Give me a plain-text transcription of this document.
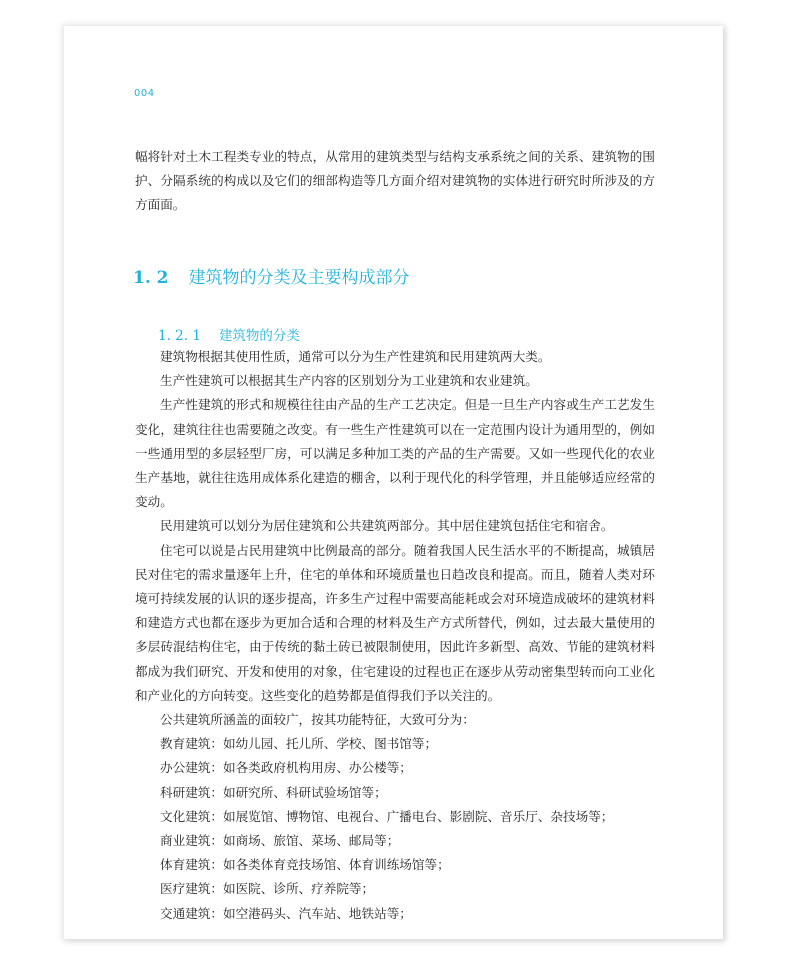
004

幅将针对土木工程类专业的特点，从常用的建筑类型与结构支承系统之间的关系、建筑物的围护、分隔系统的构成以及它们的细部构造等几方面介绍对建筑物的实体进行研究时所涉及的方方面面。

1. 2 建筑物的分类及主要构成部分
1. 2. 1 建筑物的分类

建筑物根据其使用性质，通常可以分为生产性建筑和民用建筑两大类。

生产性建筑可以根据其生产内容的区别划分为工业建筑和农业建筑。

生产性建筑的形式和规模往往由产品的生产工艺决定。但是一旦生产内容或生产工艺发生变化，建筑往往也需要随之改变。有一些生产性建筑可以在一定范围内设计为通用型的，例如一些通用型的多层轻型厂房，可以满足多种加工类的产品的生产需要。又如一些现代化的农业生产基地，就往往选用成体系化建造的棚舍，以利于现代化的科学管理，并且能够适应经常的变动。

民用建筑可以划分为居住建筑和公共建筑两部分。其中居住建筑包括住宅和宿舍。

住宅可以说是占民用建筑中比例最高的部分。随着我国人民生活水平的不断提高，城镇居民对住宅的需求量逐年上升，住宅的单体和环境质量也日趋改良和提高。而且，随着人类对环境可持续发展的认识的逐步提高，许多生产过程中需要高能耗或会对环境造成破坏的建筑材料和建造方式也都在逐步为更加合适和合理的材料及生产方式所替代，例如，过去最大量使用的多层砖混结构住宅，由于传统的黏土砖已被限制使用，因此许多新型、高效、节能的建筑材料都成为我们研究、开发和使用的对象，住宅建设的过程也正在逐步从劳动密集型转而向工业化和产业化的方向转变。这些变化的趋势都是值得我们予以关注的。

公共建筑所涵盖的面较广，按其功能特征，大致可分为：

教育建筑：如幼儿园、托儿所、学校、图书馆等；

办公建筑：如各类政府机构用房、办公楼等；

科研建筑：如研究所、科研试验场馆等；

文化建筑：如展览馆、博物馆、电视台、广播电台、影剧院、音乐厅、杂技场等；

商业建筑：如商场、旅馆、菜场、邮局等；

体育建筑：如各类体育竞技场馆、体育训练场馆等；

医疗建筑：如医院、诊所、疗养院等；

交通建筑：如空港码头、汽车站、地铁站等；
